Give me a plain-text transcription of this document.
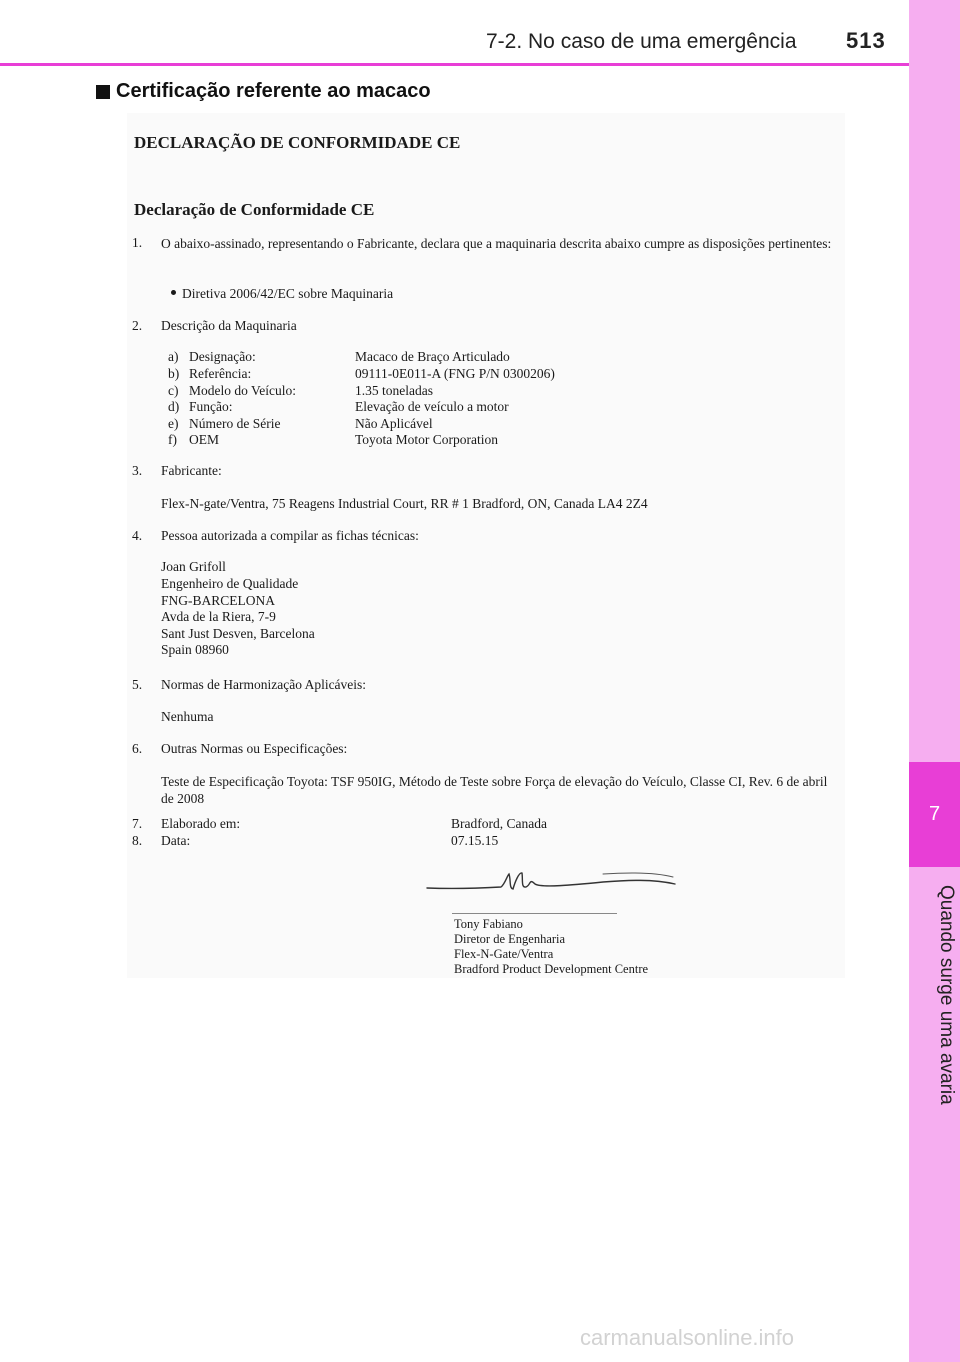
7
Quando surge uma avaria
7-2. No caso de uma emergência 513
Certificação referente ao macaco
DECLARAÇÃO DE CONFORMIDADE CE
Declaração de Conformidade CE
1. O abaixo-assinado, representando o Fabricante, declara que a maquinaria descrita abaixo cumpre as disposições pertinentes:
Diretiva 2006/42/EC sobre Maquinaria
2. Descrição da Maquinaria
a) Designação:	Macaco de Braço Articulado
b) Referência:	09111-0E011-A (FNG P/N 0300206)
c) Modelo do Veículo:	1.35 toneladas
d) Função:	Elevação de veículo a motor
e) Número de Série	Não Aplicável
f) OEM	Toyota Motor Corporation
3. Fabricante:
Flex-N-gate/Ventra, 75 Reagens Industrial Court, RR # 1 Bradford, ON, Canada LA4 2Z4
4. Pessoa autorizada a compilar as fichas técnicas:
Joan Grifoll
Engenheiro de Qualidade
FNG-BARCELONA
Avda de la Riera, 7-9
Sant Just Desven, Barcelona
Spain 08960
5. Normas de Harmonização Aplicáveis:
Nenhuma
6. Outras Normas ou Especificações:
Teste de Especificação Toyota: TSF 950IG, Método de Teste sobre Força de elevação do Veículo, Classe CI, Rev. 6 de abril de 2008
7. Elaborado em:	Bradford, Canada
8. Data:	07.15.15
Tony Fabiano
Diretor de Engenharia
Flex-N-Gate/Ventra
Bradford Product Development Centre
carmanualsonline.info
